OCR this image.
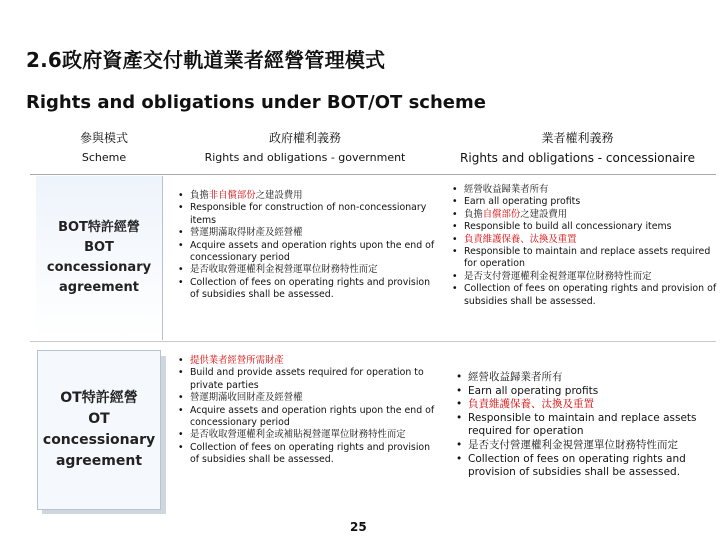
2.6政府資產交付軌道業者經營管理模式
Rights and obligations under BOT/OT scheme
參與模式
Scheme
政府權利義務
Rights and obligations - government
業者權利義務
Rights and obligations - concessionaire
BOT特許經營
BOT
concessionary
agreement
• 負擔非自償部份之建設費用
• Responsible for construction of non-concessionary items
• 營運期滿取得財產及經營權
• Acquire assets and operation rights upon the end of concessionary period
• 是否收取營運權利金視營運單位財務特性而定
• Collection of fees on operating rights and provision of subsidies shall be assessed.
• 經營收益歸業者所有
• Earn all operating profits
• 負擔自償部份之建設費用
• Responsible to build all concessionary items
• 負責維護保養、汰換及重置
• Responsible to maintain and replace assets required for operation
• 是否支付營運權利金視營運單位財務特性而定
• Collection of fees on operating rights and provision of subsidies shall be assessed.
OT特許經營
OT
concessionary
agreement
• 提供業者經營所需財產
• Build and provide assets required for operation to private parties
• 營運期滿收回財產及經營權
• Acquire assets and operation rights upon the end of concessionary period
• 是否收取營運權利金或補貼視營運單位財務特性而定
• Collection of fees on operating rights and provision of subsidies shall be assessed.
• 經營收益歸業者所有
• Earn all operating profits
• 負責維護保養、汰換及重置
• Responsible to maintain and replace assets required for operation
• 是否支付營運權利金視營運單位財務特性而定
• Collection of fees on operating rights and provision of subsidies shall be assessed.
25
